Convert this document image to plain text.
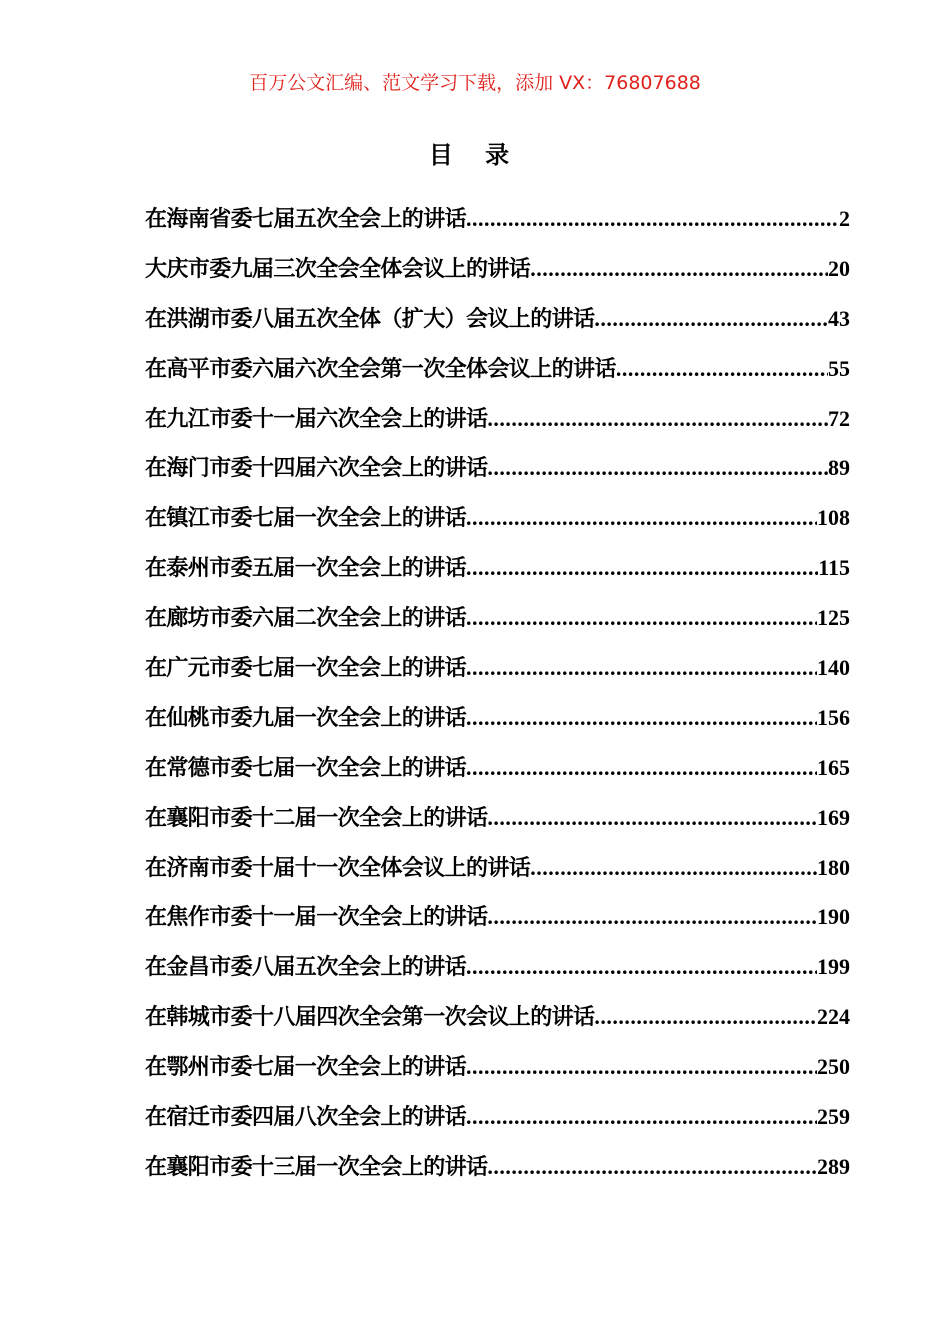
百万公文汇编、范文学习下载，添加 VX：76807688
目 录
在海南省委七届五次全会上的讲话 .....	2
大庆市委九届三次全会全体会议上的讲话 .....	20
在洪湖市委八届五次全体（扩大）会议上的讲话 .....	43
在高平市委六届六次全会第一次全体会议上的讲话 .....	55
在九江市委十一届六次全会上的讲话 .....	72
在海门市委十四届六次全会上的讲话 .....	89
在镇江市委七届一次全会上的讲话 .....	108
在泰州市委五届一次全会上的讲话 .....	115
在廊坊市委六届二次全会上的讲话 .....	125
在广元市委七届一次全会上的讲话 .....	140
在仙桃市委九届一次全会上的讲话 .....	156
在常德市委七届一次全会上的讲话 .....	165
在襄阳市委十二届一次全会上的讲话 .....	169
在济南市委十届十一次全体会议上的讲话 .....	180
在焦作市委十一届一次全会上的讲话 .....	190
在金昌市委八届五次全会上的讲话 .....	199
在韩城市委十八届四次全会第一次会议上的讲话 .....	224
在鄂州市委七届一次全会上的讲话 .....	250
在宿迁市委四届八次全会上的讲话 .....	259
在襄阳市委十三届一次全会上的讲话 .....	289
